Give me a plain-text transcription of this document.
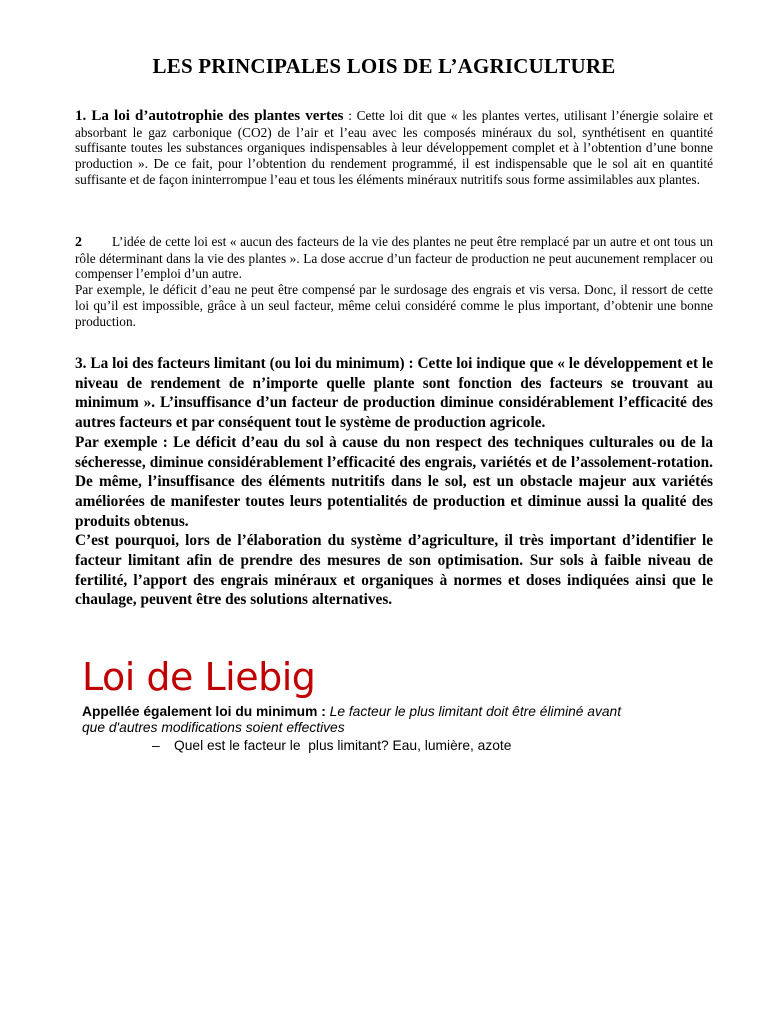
LES PRINCIPALES LOIS DE L’AGRICULTURE
1. La loi d’autotrophie des plantes vertes : Cette loi dit que « les plantes vertes, utilisant l’énergie solaire et absorbant le gaz carbonique (CO2) de l’air et l’eau avec les composés minéraux du sol, synthétisent en quantité suffisante toutes les substances organiques indispensables à leur développement complet et à l’obtention d’une bonne production ». De ce fait, pour l’obtention du rendement programmé, il est indispensable que le sol ait en quantité suffisante et de façon ininterrompue l’eau et tous les éléments minéraux nutritifs sous forme assimilables aux plantes.
2 L’idée de cette loi est « aucun des facteurs de la vie des plantes ne peut être remplacé par un autre et ont tous un rôle déterminant dans la vie des plantes ». La dose accrue d’un facteur de production ne peut aucunement remplacer ou compenser l’emploi d’un autre.
Par exemple, le déficit d’eau ne peut être compensé par le surdosage des engrais et vis versa. Donc, il ressort de cette loi qu’il est impossible, grâce à un seul facteur, même celui considéré comme le plus important, d’obtenir une bonne production.
3. La loi des facteurs limitant (ou loi du minimum) : Cette loi indique que « le développement et le niveau de rendement de n’importe quelle plante sont fonction des facteurs se trouvant au minimum ». L’insuffisance d’un facteur de production diminue considérablement l’efficacité des autres facteurs et par conséquent tout le système de production agricole.
Par exemple : Le déficit d’eau du sol à cause du non respect des techniques culturales ou de la sécheresse, diminue considérablement l’efficacité des engrais, variétés et de l’assolement-rotation. De même, l’insuffisance des éléments nutritifs dans le sol, est un obstacle majeur aux variétés améliorées de manifester toutes leurs potentialités de production et diminue aussi la qualité des produits obtenus.
C’est pourquoi, lors de l’élaboration du système d’agriculture, il très important d’identifier le facteur limitant afin de prendre des mesures de son optimisation. Sur sols à faible niveau de fertilité, l’apport des engrais minéraux et organiques à normes et doses indiquées ainsi que le chaulage, peuvent être des solutions alternatives.
Loi de Liebig
Appellée également loi du minimum : Le facteur le plus limitant doit être éliminé avant que d'autres modifications soient effectives
– Quel est le facteur le  plus limitant? Eau, lumière, azote
